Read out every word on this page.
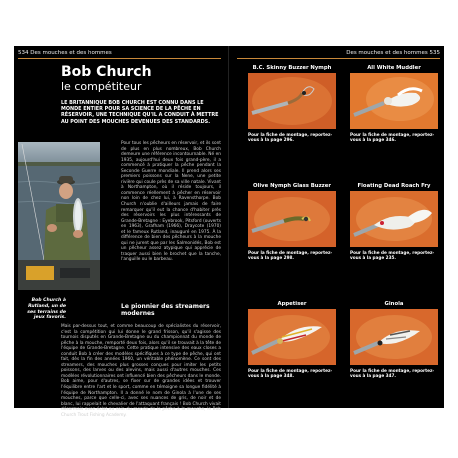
534 Des mouches et des hommes	Des mouches et des hommes 535
Bob Church
le compétiteur
LE BRITANNIQUE BOB CHURCH EST CONNU DANS LE MONDE ENTIER POUR SA SCIENCE DE LA PÊCHE EN RÉSERVOIR, UNE TECHNIQUE QU'IL A CONDUIT À METTRE AU POINT DES MOUCHES DEVENUES DES STANDARDS.
Bob Church à Rutland, un de ses terrains de jeux favoris.
Pour tous les pêcheurs en réservoir, et ils sont de plus en plus nombreux, Bob Church demeure une référence incontournable. Né en 1935, aujourd'hui deux fois grand-père, il a commencé à pratiquer la pêche pendant la Seconde Guerre mondiale. Il prend alors ses premiers poissons sur la Nene, une petite rivière qui coule près de sa ville natale. Vivant à Northampton, où il réside toujours, il commence réellement à pêcher en réservoir non loin de chez lui, à Ravensthorpe. Bob Church n'oublie d'ailleurs jamais de faire remarquer qu'il eut la chance d'habiter près des réservoirs les plus intéressants de Grande-Bretagne : Eyebrook, Pitsford (ouverts en 1963), Grafham (1966), Draycote (1970) et le fameux Rutland, inauguré en 1975. À la différence de bien des pêcheurs à la mouche qui ne jurent que par les Salmonidés, Bob est un pêcheur assez atypique qui apprécie de traquer aussi bien le brochet que la tanche, l'anguille ou le barbeau.
Le pionnier des streamers modernes
Mais par-dessus tout, et comme beaucoup de spécialistes du réservoir, c'est la compétition qui lui donne le grand frisson, qu'il s'agisse des tournois disputés en Grande-Bretagne ou du championnat du monde de pêche à la mouche, remporté deux fois, alors qu'il se trouvait à la tête de l'équipe de Grande-Bretagne. Cette pratique intensive des eaux closes a conduit Bob à créer des modèles spécifiques à ce type de pêche, qui ont fait, dès la fin des années 1960, un véritable phénomène. Ce sont des streamers, des mouches plus grosses conçues pour imiter les petits poissons, des larves ou des alevins, mais aussi d'autres mouches. Ces modèles révolutionnaires ont influencé bien des pêcheurs dans le monde. Bob aime, pour d'autres, se fixer sur de grandes idées et trouver l'équilibre entre l'art et le sport, comme en témoigne sa longue fidélité à l'équipe de Northampton. Il a donné le nom de Ginola à l'une de ses mouches, parce que celle-ci, avec ses nuances de gris, de noir et de blanc, lui rappelait le chevalier de l'attaquant français ! Bob Church vivait désormais avec éclat au sein du monde de la pêche à la mouche, le Bob Church Trout Fishing Academy.
B.C. Skinny Buzzer Nymph
Pour la fiche de montage, reportez-vous à la page 296.
All White Muddler
Pour la fiche de montage, reportez-vous à la page 346.
Olive Nymph Glass Buzzer
Pour la fiche de montage, reportez-vous à la page 298.
Floating Dead Roach Fry
Pour la fiche de montage, reportez-vous à la page 235.
Appetiser
Pour la fiche de montage, reportez-vous à la page 348.
Ginola
Pour la fiche de montage, reportez-vous à la page 347.
